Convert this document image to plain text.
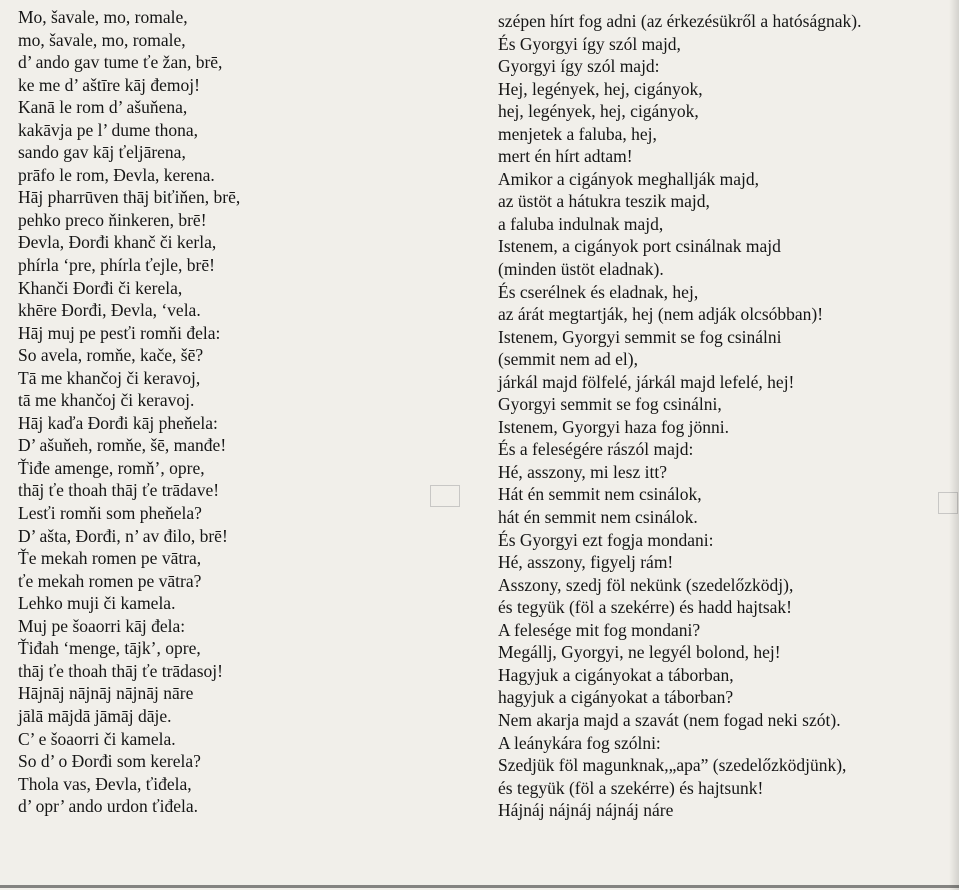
Mo, šavale, mo, romale,
mo, šavale, mo, romale,
d’ ando gav tume ťe žan, brē,
ke me d’ aštīre kāj đemoj!
Kanā le rom d’ ašuňena,
kakāvja pe l’ dume thona,
sando gav kāj ťeljārena,
prāfo le rom, Đevla, kerena.
Hāj pharrūven thāj biťiňen, brē,
pehko preco ňinkeren, brē!
Đevla, Đorđi khanč či kerla,
phírla ‘pre, phírla ťejle, brē!
Khanči Đorđi či kerela,
khēre Đorđi, Đevla, ‘vela.
Hāj muj pe pesťi romňi đela:
So avela, romňe, kače, šē?
Tā me khančoj či keravoj,
tā me khančoj či keravoj.
Hāj kaďa Đorđi kāj pheňela:
D’ ašuňeh, romňe, šē, manđe!
Ťiđe amenge, romň’, opre,
thāj ťe thoah thāj ťe trādave!
Lesťi romňi som pheňela?
D’ ašta, Đorđi, n’ av đilo, brē!
Ťe mekah romen pe vātra,
ťe mekah romen pe vātra?
Lehko muji či kamela.
Muj pe šoaorri kāj đela:
Ťiđah ‘menge, tājk’, opre,
thāj ťe thoah thāj ťe trādasoj!
Hājnāj nājnāj nājnāj nāre
jālā mājdā jāmāj dāje.
C’ e šoaorri či kamela.
So d’ o Đorđi som kerela?
Thola vas, Đevla, ťiđela,
d’ opr’ ando urdon ťiđela.
szépen hírt fog adni (az érkezésükről a hatóságnak).
És Gyorgyi így szól majd,
Gyorgyi így szól majd:
Hej, legények, hej, cigányok,
hej, legények, hej, cigányok,
menjetek a faluba, hej,
mert én hírt adtam!
Amikor a cigányok meghallják majd,
az üstöt a hátukra teszik majd,
a faluba indulnak majd,
Istenem, a cigányok port csinálnak majd
(minden üstöt eladnak).
És cserélnek és eladnak, hej,
az árát megtartják, hej (nem adják olcsóbban)!
Istenem, Gyorgyi semmit se fog csinálni
(semmit nem ad el),
járkál majd fölfelé, járkál majd lefelé, hej!
Gyorgyi semmit se fog csinálni,
Istenem, Gyorgyi haza fog jönni.
És a feleségére rászól majd:
Hé, asszony, mi lesz itt?
Hát én semmit nem csinálok,
hát én semmit nem csinálok.
És Gyorgyi ezt fogja mondani:
Hé, asszony, figyelj rám!
Asszony, szedj föl nekünk (szedelőzködj),
és tegyük (föl a szekérre) és hadd hajtsak!
A felesége mit fog mondani?
Megállj, Gyorgyi, ne legyél bolond, hej!
Hagyjuk a cigányokat a táborban,
hagyjuk a cigányokat a táborban?
Nem akarja majd a szavát (nem fogad neki szót).
A leánykára fog szólni:
Szedjük föl magunknak,„apa” (szedelőzködjünk),
és tegyük (föl a szekérre) és hajtsunk!
Hájnáj nájnáj nájnáj náre
